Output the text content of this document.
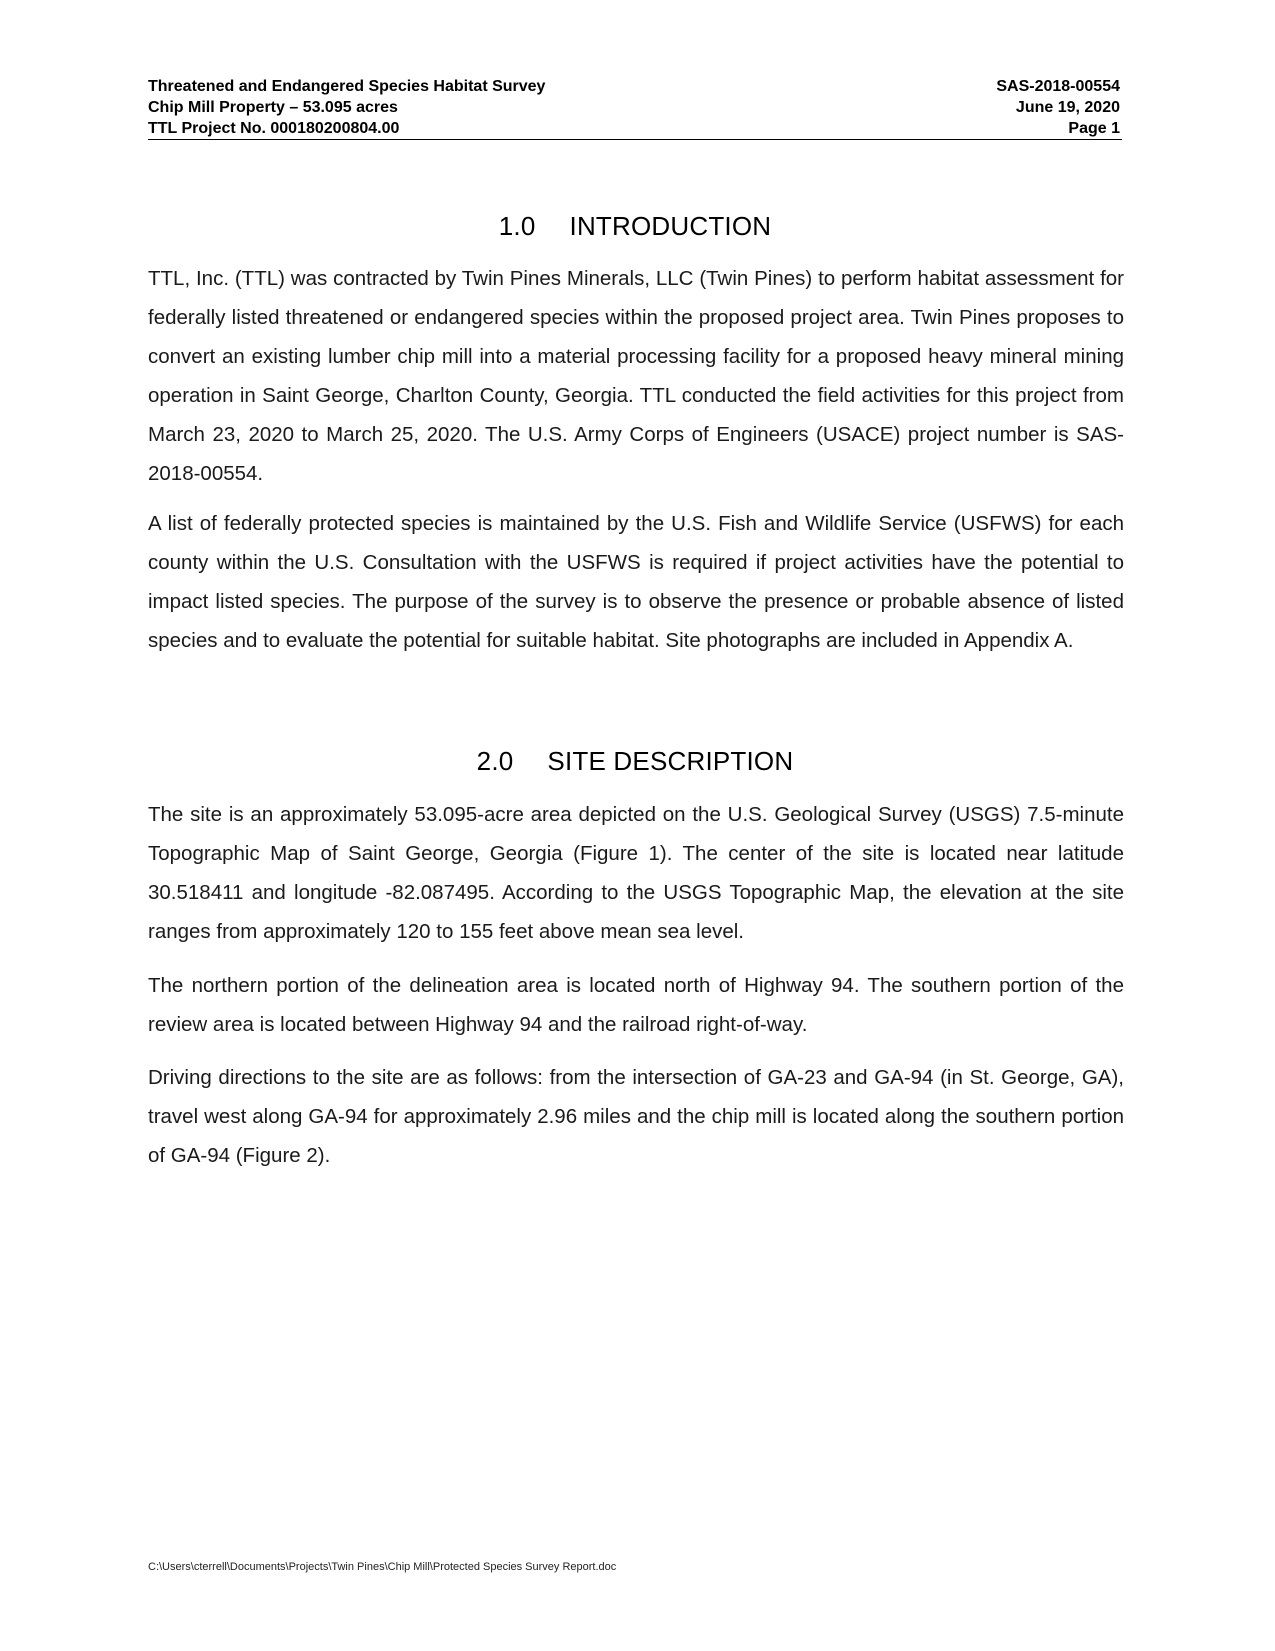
Threatened and Endangered Species Habitat Survey
Chip Mill Property – 53.095 acres
TTL Project No. 000180200804.00
SAS-2018-00554
June 19, 2020
Page 1
1.0 INTRODUCTION

TTL, Inc. (TTL) was contracted by Twin Pines Minerals, LLC (Twin Pines) to perform habitat assessment for federally listed threatened or endangered species within the proposed project area. Twin Pines proposes to convert an existing lumber chip mill into a material processing facility for a proposed heavy mineral mining operation in Saint George, Charlton County, Georgia. TTL conducted the field activities for this project from March 23, 2020 to March 25, 2020. The U.S. Army Corps of Engineers (USACE) project number is SAS-2018-00554.

A list of federally protected species is maintained by the U.S. Fish and Wildlife Service (USFWS) for each county within the U.S. Consultation with the USFWS is required if project activities have the potential to impact listed species. The purpose of the survey is to observe the presence or probable absence of listed species and to evaluate the potential for suitable habitat. Site photographs are included in Appendix A.

2.0 SITE DESCRIPTION

The site is an approximately 53.095-acre area depicted on the U.S. Geological Survey (USGS) 7.5-minute Topographic Map of Saint George, Georgia (Figure 1). The center of the site is located near latitude 30.518411 and longitude -82.087495. According to the USGS Topographic Map, the elevation at the site ranges from approximately 120 to 155 feet above mean sea level.

The northern portion of the delineation area is located north of Highway 94. The southern portion of the review area is located between Highway 94 and the railroad right-of-way.

Driving directions to the site are as follows: from the intersection of GA-23 and GA-94 (in St. George, GA), travel west along GA-94 for approximately 2.96 miles and the chip mill is located along the southern portion of GA-94 (Figure 2).

C:\Users\cterrell\Documents\Projects\Twin Pines\Chip Mill\Protected Species Survey Report.doc
